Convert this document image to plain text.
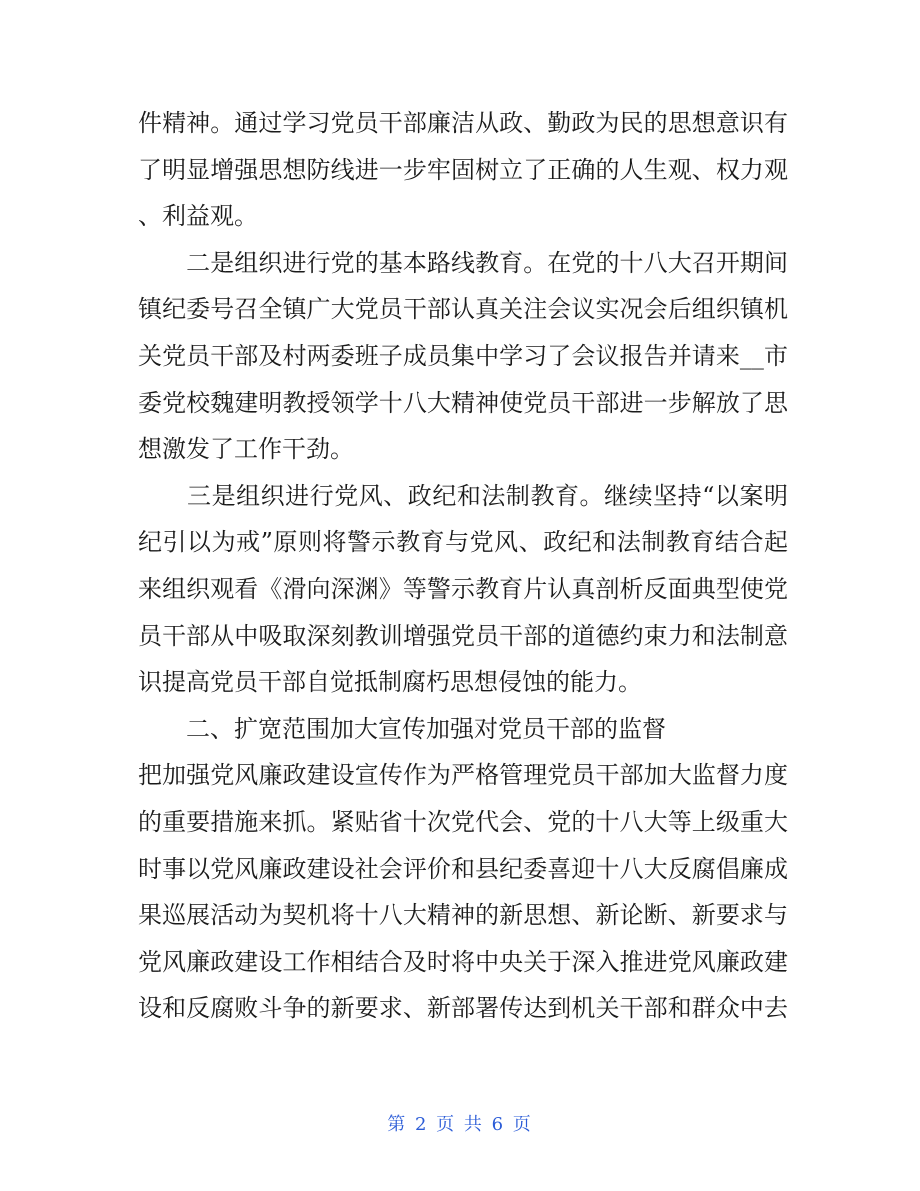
件精神。通过学习党员干部廉洁从政、勤政为民的思想意识有
了明显增强思想防线进一步牢固树立了正确的人生观、权力观
、利益观。
　　二是组织进行党的基本路线教育。在党的十八大召开期间
镇纪委号召全镇广大党员干部认真关注会议实况会后组织镇机
关党员干部及村两委班子成员集中学习了会议报告并请来__市
委党校魏建明教授领学十八大精神使党员干部进一步解放了思
想激发了工作干劲。
　　三是组织进行党风、政纪和法制教育。继续坚持“以案明
纪引以为戒”原则将警示教育与党风、政纪和法制教育结合起
来组织观看《滑向深渊》等警示教育片认真剖析反面典型使党
员干部从中吸取深刻教训增强党员干部的道德约束力和法制意
识提高党员干部自觉抵制腐朽思想侵蚀的能力。
　　二、扩宽范围加大宣传加强对党员干部的监督
把加强党风廉政建设宣传作为严格管理党员干部加大监督力度
的重要措施来抓。紧贴省十次党代会、党的十八大等上级重大
时事以党风廉政建设社会评价和县纪委喜迎十八大反腐倡廉成
果巡展活动为契机将十八大精神的新思想、新论断、新要求与
党风廉政建设工作相结合及时将中央关于深入推进党风廉政建
设和反腐败斗争的新要求、新部署传达到机关干部和群众中去
第 2 页 共 6 页
